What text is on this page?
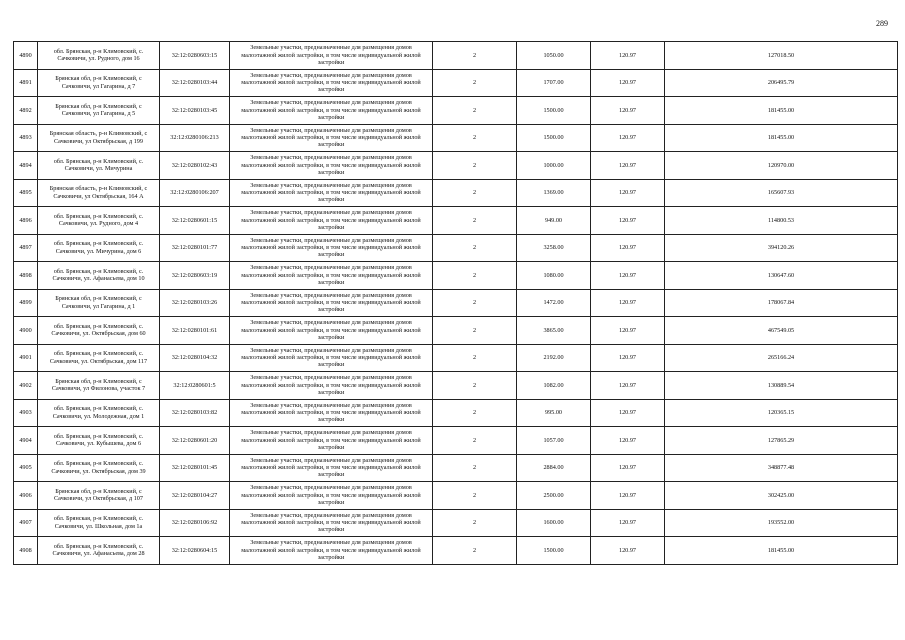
289
4890	обл. Брянская, р-н Климовский, с. Сачковичи, ул. Рудного, дом 16	32:12:0280603:15	Земельные участки, предназначенные для размещения домов малоэтажной жилой застройки, в том числе индивидуальной жилой застройки	2	1050.00	120.97	127018.50
4891	Брянская обл, р-н Климовский, с Сачковичи, ул Гагарина, д 7	32:12:0280103:44	Земельные участки, предназначенные для размещения домов малоэтажной жилой застройки, в том числе индивидуальной жилой застройки	2	1707.00	120.97	206495.79
4892	Брянская обл, р-н Климовский, с Сачковичи, ул Гагарина, д 5	32:12:0280103:45	Земельные участки, предназначенные для размещения домов малоэтажной жилой застройки, в том числе индивидуальной жилой застройки	2	1500.00	120.97	181455.00
4893	Брянская область, р-н Климовский, с Сачковичи, ул Октябрьская, д 199	32:12:0280106:213	Земельные участки, предназначенные для размещения домов малоэтажной жилой застройки, в том числе индивидуальной жилой застройки	2	1500.00	120.97	181455.00
4894	обл. Брянская, р-н Климовский, с. Сачковичи, ул. Мичурина	32:12:0280102:43	Земельные участки, предназначенные для размещения домов малоэтажной жилой застройки, в том числе индивидуальной жилой застройки	2	1000.00	120.97	120970.00
4895	Брянская область, р-н Климовский, с Сачковичи, ул Октябрьская, 164 А	32:12:0280106:207	Земельные участки, предназначенные для размещения домов малоэтажной жилой застройки, в том числе индивидуальной жилой застройки	2	1369.00	120.97	165607.93
4896	обл. Брянская, р-н Климовский, с. Сачковичи, ул. Рудного, дом 4	32:12:0280601:15	Земельные участки, предназначенные для размещения домов малоэтажной жилой застройки, в том числе индивидуальной жилой застройки	2	949.00	120.97	114800.53
4897	обл. Брянская, р-н Климовский, с. Сачковичи, ул. Мичурина, дом 6	32:12:0280101:77	Земельные участки, предназначенные для размещения домов малоэтажной жилой застройки, в том числе индивидуальной жилой застройки	2	3258.00	120.97	394120.26
4898	обл. Брянская, р-н Климовский, с. Сачковичи, ул. Афанасьева, дом 10	32:12:0280603:19	Земельные участки, предназначенные для размещения домов малоэтажной жилой застройки, в том числе индивидуальной жилой застройки	2	1080.00	120.97	130647.60
4899	Брянская обл, р-н Климовский, с Сачковичи, ул Гагарина, д 1	32:12:0280103:26	Земельные участки, предназначенные для размещения домов малоэтажной жилой застройки, в том числе индивидуальной жилой застройки	2	1472.00	120.97	178067.84
4900	обл. Брянская, р-н Климовский, с. Сачковичи, ул. Октябрьская, дом 60	32:12:0280101:61	Земельные участки, предназначенные для размещения домов малоэтажной жилой застройки, в том числе индивидуальной жилой застройки	2	3865.00	120.97	467549.05
4901	обл. Брянская, р-н Климовский, с. Сачковичи, ул. Октябрьская, дом 117	32:12:0280104:32	Земельные участки, предназначенные для размещения домов малоэтажной жилой застройки, в том числе индивидуальной жилой застройки	2	2192.00	120.97	265166.24
4902	Брянская обл, р-н Климовский, с Сачковичи, ул Филонова, участок 7	32:12:0280601:5	Земельные участки, предназначенные для размещения домов малоэтажной жилой застройки, в том числе индивидуальной жилой застройки	2	1082.00	120.97	130889.54
4903	обл. Брянская, р-н Климовский, с. Сачковичи, ул. Молодежная, дом 1	32:12:0280103:82	Земельные участки, предназначенные для размещения домов малоэтажной жилой застройки, в том числе индивидуальной жилой застройки	2	995.00	120.97	120365.15
4904	обл. Брянская, р-н Климовский, с. Сачковичи, ул. Кубышева, дом 6	32:12:0280601:20	Земельные участки, предназначенные для размещения домов малоэтажной жилой застройки, в том числе индивидуальной жилой застройки	2	1057.00	120.97	127865.29
4905	обл. Брянская, р-н Климовский, с. Сачковичи, ул. Октябрьская, дом 39	32:12:0280101:45	Земельные участки, предназначенные для размещения домов малоэтажной жилой застройки, в том числе индивидуальной жилой застройки	2	2884.00	120.97	348877.48
4906	Брянская обл, р-н Климовский, с Сачковичи, ул Октябрьская, д 107	32:12:0280104:27	Земельные участки, предназначенные для размещения домов малоэтажной жилой застройки, в том числе индивидуальной жилой застройки	2	2500.00	120.97	302425.00
4907	обл. Брянская, р-н Климовский, с. Сачковичи, ул. Школьная, дом 1а	32:12:0280106:92	Земельные участки, предназначенные для размещения домов малоэтажной жилой застройки, в том числе индивидуальной жилой застройки	2	1600.00	120.97	193552.00
4908	обл. Брянская, р-н Климовский, с. Сачковичи, ул. Афанасьева, дом 28	32:12:0280604:15	Земельные участки, предназначенные для размещения домов малоэтажной жилой застройки, в том числе индивидуальной жилой застройки	2	1500.00	120.97	181455.00
